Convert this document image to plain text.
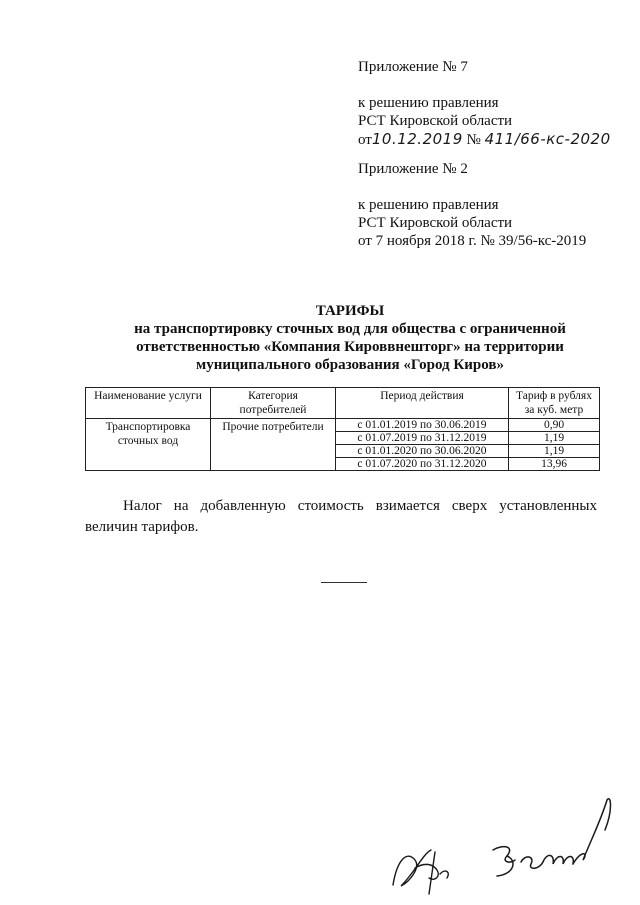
Приложение № 7
к решению правления
РСТ Кировской области
от10.12.2019 № 411/66-кс-2020
Приложение № 2
к решению правления
РСТ Кировской области
от 7 ноября 2018 г. № 39/56-кс-2019
ТАРИФЫ
на транспортировку сточных вод для общества с ограниченной
ответственностью «Компания Кироввнешторг» на территории
муниципального образования «Город Киров»
Наименование услуги	Категория потребителей	Период действия	Тариф в рублях за куб. метр
Транспортировка сточных вод	Прочие потребители	с 01.01.2019 по 30.06.2019	0,90
		с 01.07.2019 по 31.12.2019	1,19
		с 01.01.2020 по 30.06.2020	1,19
		с 01.07.2020 по 31.12.2020	13,96
Налог на добавленную стоимость взимается сверх установленных величин тарифов.
